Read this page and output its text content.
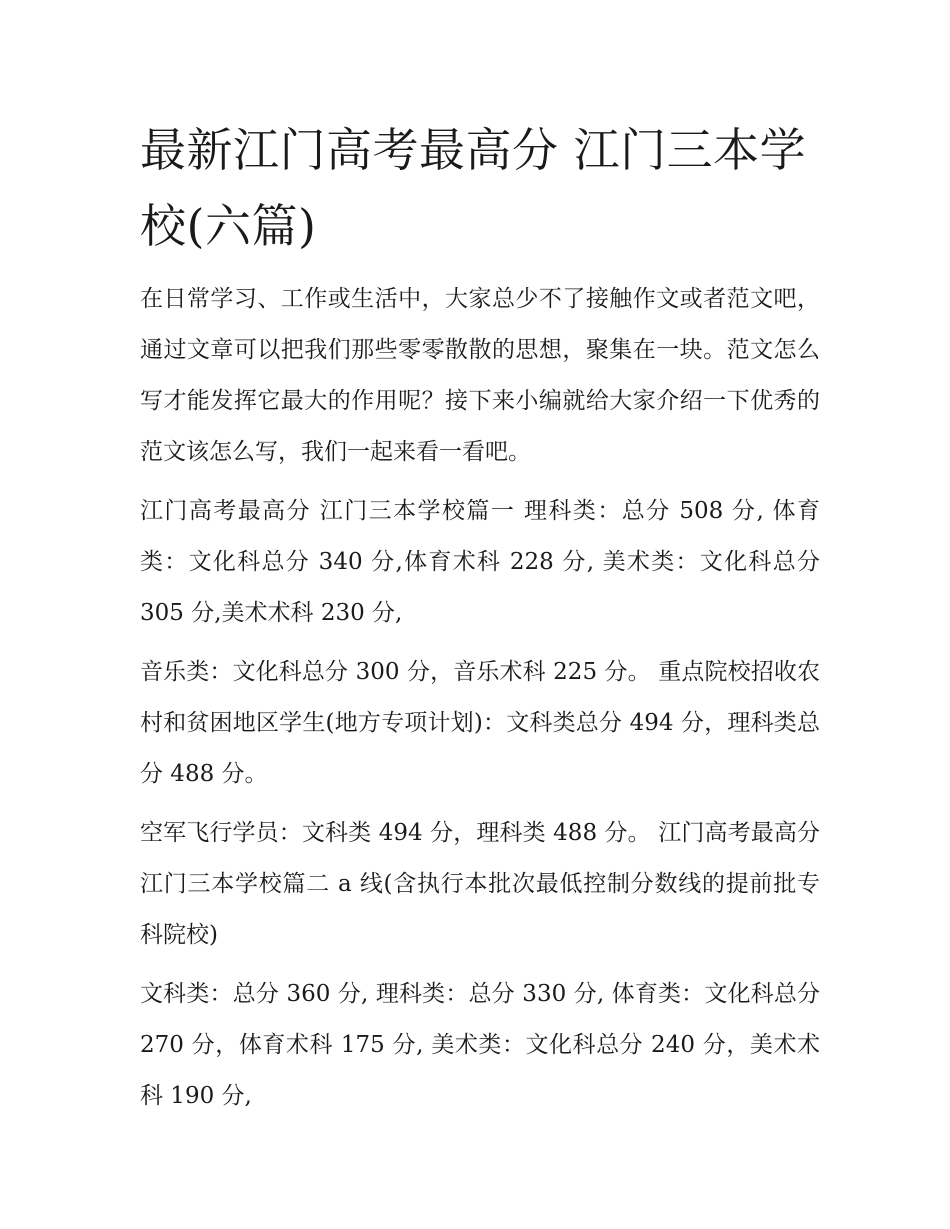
最新江门高考最高分 江门三本学校(六篇)

在日常学习、工作或生活中，大家总少不了接触作文或者范文吧，通过文章可以把我们那些零零散散的思想，聚集在一块。范文怎么写才能发挥它最大的作用呢？接下来小编就给大家介绍一下优秀的范文该怎么写，我们一起来看一看吧。

江门高考最高分 江门三本学校篇一 理科类：总分 508 分, 体育类：文化科总分 340 分,体育术科 228 分, 美术类：文化科总分 305 分,美术术科 230 分,

音乐类：文化科总分 300 分，音乐术科 225 分。 重点院校招收农村和贫困地区学生(地方专项计划)：文科类总分 494 分，理科类总分 488 分。

空军飞行学员：文科类 494 分，理科类 488 分。 江门高考最高分 江门三本学校篇二 a 线(含执行本批次最低控制分数线的提前批专科院校)

文科类：总分 360 分, 理科类：总分 330 分, 体育类：文化科总分 270 分，体育术科 175 分, 美术类：文化科总分 240 分，美术术科 190 分,
